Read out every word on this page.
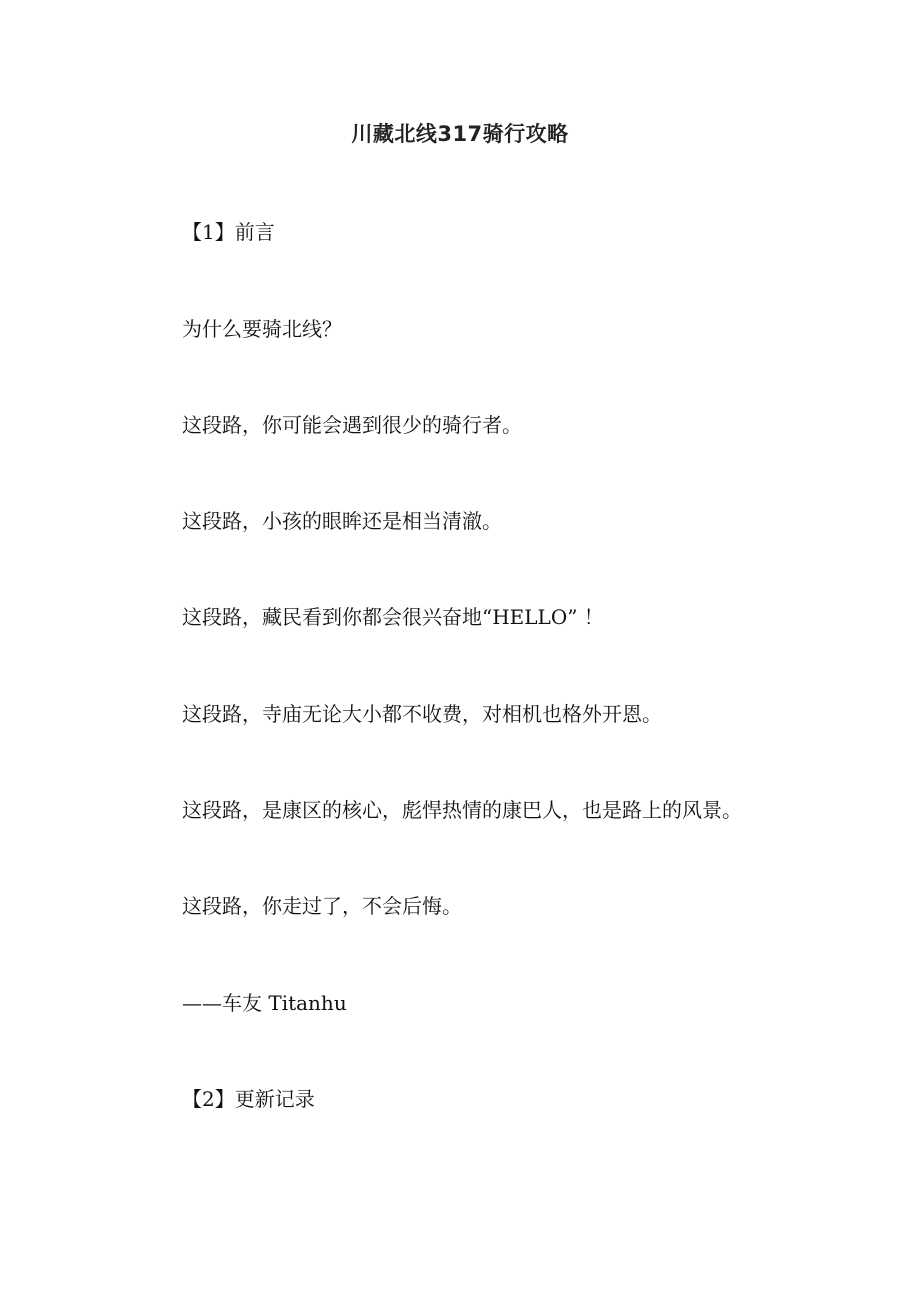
川藏北线317骑行攻略
【1】前言
为什么要骑北线？
这段路，你可能会遇到很少的骑行者。
这段路，小孩的眼眸还是相当清澈。
这段路，藏民看到你都会很兴奋地“HELLO” ！
这段路，寺庙无论大小都不收费，对相机也格外开恩。
这段路，是康区的核心，彪悍热情的康巴人，也是路上的风景。
这段路，你走过了，不会后悔。
——车友 Titanhu
【2】更新记录
